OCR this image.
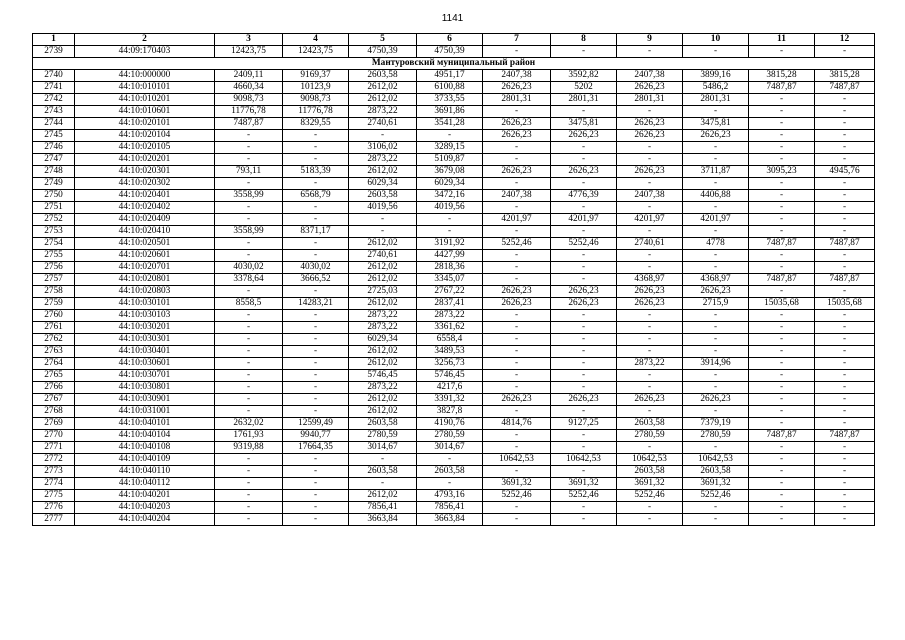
1141
1	2	3	4	5	6	7	8	9	10	11	12
2739	44:09:170403	12423,75	12423,75	4750,39	4750,39	-	-	-	-	-	-
Мантуровский муниципальный район											
2740	44:10:000000	2409,11	9169,37	2603,58	4951,17	2407,38	3592,82	2407,38	3899,16	3815,28	3815,28
2741	44:10:010101	4660,34	10123,9	2612,02	6100,88	2626,23	5202	2626,23	5486,2	7487,87	7487,87
2742	44:10:010201	9098,73	9098,73	2612,02	3733,55	2801,31	2801,31	2801,31	2801,31	-	-
2743	44:10:010601	11776,78	11776,78	2873,22	3691,86	-	-	-	-	-	-
2744	44:10:020101	7487,87	8329,55	2740,61	3541,28	2626,23	3475,81	2626,23	3475,81	-	-
2745	44:10:020104	-	-	-	-	2626,23	2626,23	2626,23	2626,23	-	-
2746	44:10:020105	-	-	3106,02	3289,15	-	-	-	-	-	-
2747	44:10:020201	-	-	2873,22	5109,87	-	-	-	-	-	-
2748	44:10:020301	793,11	5183,39	2612,02	3679,08	2626,23	2626,23	2626,23	3711,87	3095,23	4945,76
2749	44:10:020302	-	-	6029,34	6029,34	-	-	-	-	-	-
2750	44:10:020401	3558,99	6568,79	2603,58	3472,16	2407,38	4776,39	2407,38	4406,88	-	-
2751	44:10:020402	-	-	4019,56	4019,56	-	-	-	-	-	-
2752	44:10:020409	-	-	-	-	4201,97	4201,97	4201,97	4201,97	-	-
2753	44:10:020410	3558,99	8371,17	-	-	-	-	-	-	-	-
2754	44:10:020501	-	-	2612,02	3191,92	5252,46	5252,46	2740,61	4778	7487,87	7487,87
2755	44:10:020601	-	-	2740,61	4427,99	-	-	-	-	-	-
2756	44:10:020701	4030,02	4030,02	2612,02	2818,36	-	-	-	-	-	-
2757	44:10:020801	3378,64	3666,52	2612,02	3345,07	-	-	4368,97	4368,97	7487,87	7487,87
2758	44:10:020803	-	-	2725,03	2767,22	2626,23	2626,23	2626,23	2626,23	-	-
2759	44:10:030101	8558,5	14283,21	2612,02	2837,41	2626,23	2626,23	2626,23	2715,9	15035,68	15035,68
2760	44:10:030103	-	-	2873,22	2873,22	-	-	-	-	-	-
2761	44:10:030201	-	-	2873,22	3361,62	-	-	-	-	-	-
2762	44:10:030301	-	-	6029,34	6558,4	-	-	-	-	-	-
2763	44:10:030401	-	-	2612,02	3489,53	-	-	-	-	-	-
2764	44:10:030601	-	-	2612,02	3256,73	-	-	2873,22	3914,96	-	-
2765	44:10:030701	-	-	5746,45	5746,45	-	-	-	-	-	-
2766	44:10:030801	-	-	2873,22	4217,6	-	-	-	-	-	-
2767	44:10:030901	-	-	2612,02	3391,32	2626,23	2626,23	2626,23	2626,23	-	-
2768	44:10:031001	-	-	2612,02	3827,8	-	-	-	-	-	-
2769	44:10:040101	2632,02	12599,49	2603,58	4190,76	4814,76	9127,25	2603,58	7379,19	-	-
2770	44:10:040104	1761,93	9940,77	2780,59	2780,59	-	-	2780,59	2780,59	7487,87	7487,87
2771	44:10:040108	9319,88	17664,35	3014,67	3014,67	-	-	-	-	-	-
2772	44:10:040109	-	-	-	-	10642,53	10642,53	10642,53	10642,53	-	-
2773	44:10:040110	-	-	2603,58	2603,58	-	-	2603,58	2603,58	-	-
2774	44:10:040112	-	-	-	-	3691,32	3691,32	3691,32	3691,32	-	-
2775	44:10:040201	-	-	2612,02	4793,16	5252,46	5252,46	5252,46	5252,46	-	-
2776	44:10:040203	-	-	7856,41	7856,41	-	-	-	-	-	-
2777	44:10:040204	-	-	3663,84	3663,84	-	-	-	-	-	-
